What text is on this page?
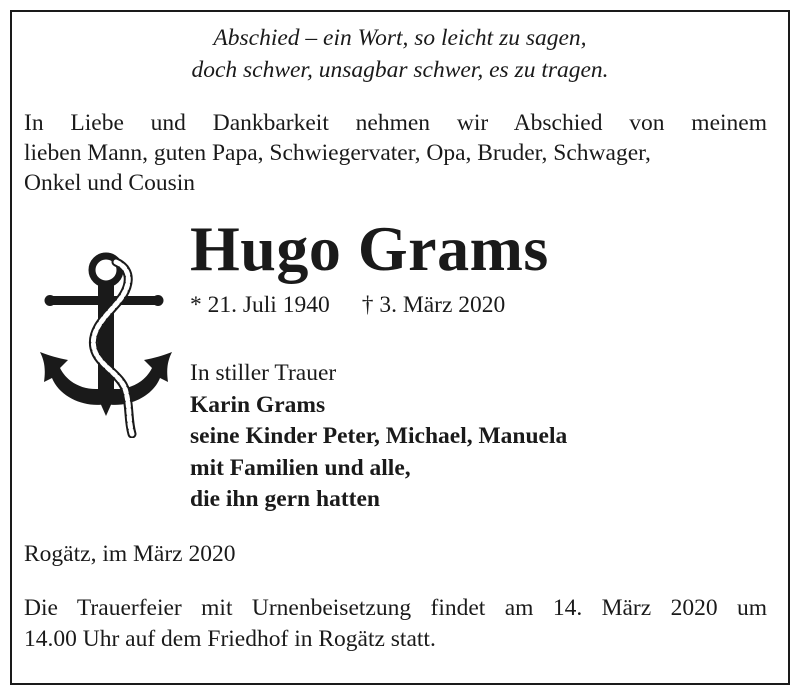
Abschied – ein Wort, so leicht zu sagen,
doch schwer, unsagbar schwer, es zu tragen.
In Liebe und Dankbarkeit nehmen wir Abschied von meinem
lieben Mann, guten Papa, Schwiegervater, Opa, Bruder, Schwager,
Onkel und Cousin
Hugo Grams
* 21. Juli 1940 † 3. März 2020
In stiller Trauer
Karin Grams
seine Kinder Peter, Michael, Manuela
mit Familien und alle,
die ihn gern hatten
Rogätz, im März 2020
Die Trauerfeier mit Urnenbeisetzung findet am 14. März 2020 um
14.00 Uhr auf dem Friedhof in Rogätz statt.
